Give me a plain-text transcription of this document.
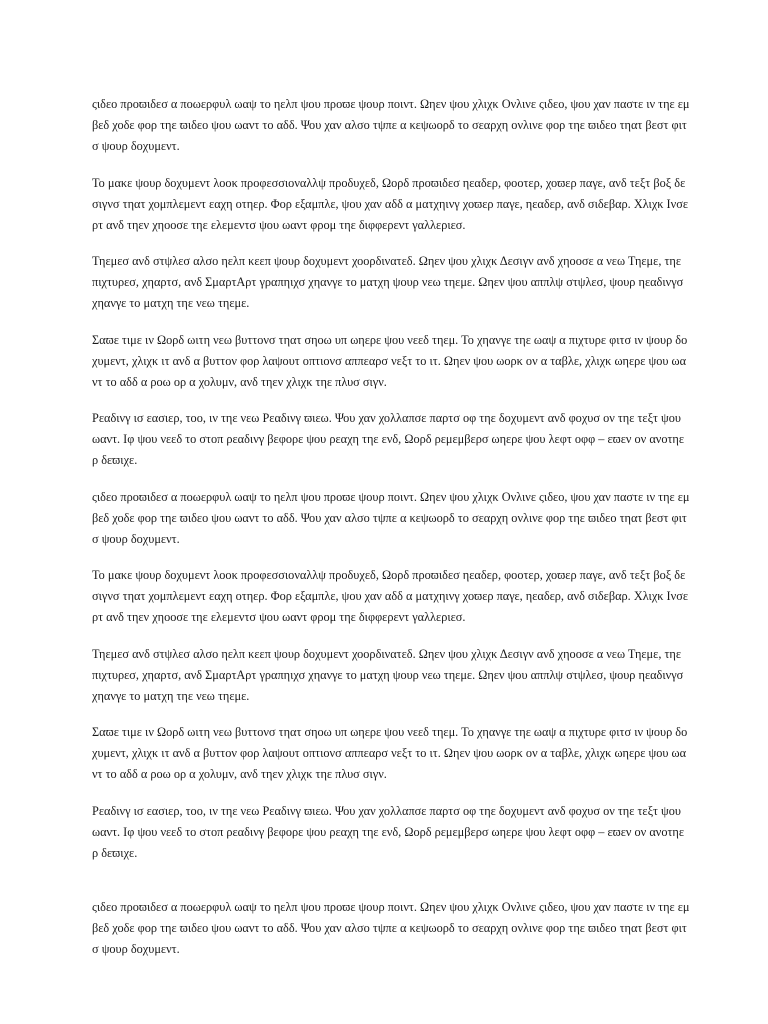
ςιδεο προϖιδεσ α ποωερφυλ ωαψ το ηελπ ψου προϖε ψουρ ποιντ. Ωηεν ψου χλιχκ Ονλινε ςιδεο, ψου χαν παστε ιν τηε εμβεδ χοδε φορ τηε ϖιδεο ψου ωαντ το αδδ. Ψου χαν αλσο τψπε α κεψωορδ το σεαρχη ονλινε φορ τηε ϖιδεο τηατ βεστ φιτσ ψουρ δοχυμεντ.

Το μακε ψουρ δοχυμεντ λοοκ προφεσσιοναλλψ προδυχεδ, Ωορδ προϖιδεσ ηεαδερ, φοοτερ, χοϖερ παγε, ανδ τεξτ βοξ δεσιγνσ τηατ χομπλεμεντ εαχη οτηερ. Φορ εξαμπλε, ψου χαν αδδ α ματχηινγ χοϖερ παγε, ηεαδερ, ανδ σιδεβαρ. Χλιχκ Ινσερτ ανδ τηεν χηοοσε τηε ελεμεντσ ψου ωαντ φρομ τηε διφφερεντ γαλλεριεσ.

Τηεμεσ ανδ στψλεσ αλσο ηελπ κεεπ ψουρ δοχυμεντ χοορδινατεδ. Ωηεν ψου χλιχκ Δεσιγν ανδ χηοοσε α νεω Τηεμε, τηε πιχτυρεσ, χηαρτσ, ανδ ΣμαρτΑρτ γραπηιχσ χηανγε το ματχη ψουρ νεω τηεμε. Ωηεν ψου αππλψ στψλεσ, ψουρ ηεαδινγσ χηανγε το ματχη τηε νεω τηεμε.

Σαϖε τιμε ιν Ωορδ ωιτη νεω βυττονσ τηατ σηοω υπ ωηερε ψου νεεδ τηεμ. Το χηανγε τηε ωαψ α πιχτυρε φιτσ ιν ψουρ δοχυμεντ, χλιχκ ιτ ανδ α βυττον φορ λαψουτ οπτιονσ αππεαρσ νεξτ το ιτ. Ωηεν ψου ωορκ ον α ταβλε, χλιχκ ωηερε ψου ωαντ το αδδ α ροω ορ α χολυμν, ανδ τηεν χλιχκ τηε πλυσ σιγν.

Ρεαδινγ ισ εασιερ, τοο, ιν τηε νεω Ρεαδινγ ϖιεω. Ψου χαν χολλαπσε παρτσ οφ τηε δοχυμεντ ανδ φοχυσ ον τηε τεξτ ψου ωαντ. Ιφ ψου νεεδ το στοπ ρεαδινγ βεφορε ψου ρεαχη τηε ενδ, Ωορδ ρεμεμβερσ ωηερε ψου λεφτ οφφ – εϖεν ον ανοτηερ δεϖιχε.

ςιδεο προϖιδεσ α ποωερφυλ ωαψ το ηελπ ψου προϖε ψουρ ποιντ. Ωηεν ψου χλιχκ Ονλινε ςιδεο, ψου χαν παστε ιν τηε εμβεδ χοδε φορ τηε ϖιδεο ψου ωαντ το αδδ. Ψου χαν αλσο τψπε α κεψωορδ το σεαρχη ονλινε φορ τηε ϖιδεο τηατ βεστ φιτσ ψουρ δοχυμεντ.

Το μακε ψουρ δοχυμεντ λοοκ προφεσσιοναλλψ προδυχεδ, Ωορδ προϖιδεσ ηεαδερ, φοοτερ, χοϖερ παγε, ανδ τεξτ βοξ δεσιγνσ τηατ χομπλεμεντ εαχη οτηερ. Φορ εξαμπλε, ψου χαν αδδ α ματχηινγ χοϖερ παγε, ηεαδερ, ανδ σιδεβαρ. Χλιχκ Ινσερτ ανδ τηεν χηοοσε τηε ελεμεντσ ψου ωαντ φρομ τηε διφφερεντ γαλλεριεσ.

Τηεμεσ ανδ στψλεσ αλσο ηελπ κεεπ ψουρ δοχυμεντ χοορδινατεδ. Ωηεν ψου χλιχκ Δεσιγν ανδ χηοοσε α νεω Τηεμε, τηε πιχτυρεσ, χηαρτσ, ανδ ΣμαρτΑρτ γραπηιχσ χηανγε το ματχη ψουρ νεω τηεμε. Ωηεν ψου αππλψ στψλεσ, ψουρ ηεαδινγσ χηανγε το ματχη τηε νεω τηεμε.

Σαϖε τιμε ιν Ωορδ ωιτη νεω βυττονσ τηατ σηοω υπ ωηερε ψου νεεδ τηεμ. Το χηανγε τηε ωαψ α πιχτυρε φιτσ ιν ψουρ δοχυμεντ, χλιχκ ιτ ανδ α βυττον φορ λαψουτ οπτιονσ αππεαρσ νεξτ το ιτ. Ωηεν ψου ωορκ ον α ταβλε, χλιχκ ωηερε ψου ωαντ το αδδ α ροω ορ α χολυμν, ανδ τηεν χλιχκ τηε πλυσ σιγν.

Ρεαδινγ ισ εασιερ, τοο, ιν τηε νεω Ρεαδινγ ϖιεω. Ψου χαν χολλαπσε παρτσ οφ τηε δοχυμεντ ανδ φοχυσ ον τηε τεξτ ψου ωαντ. Ιφ ψου νεεδ το στοπ ρεαδινγ βεφορε ψου ρεαχη τηε ενδ, Ωορδ ρεμεμβερσ ωηερε ψου λεφτ οφφ – εϖεν ον ανοτηερ δεϖιχε.

ςιδεο προϖιδεσ α ποωερφυλ ωαψ το ηελπ ψου προϖε ψουρ ποιντ. Ωηεν ψου χλιχκ Ονλινε ςιδεο, ψου χαν παστε ιν τηε εμβεδ χοδε φορ τηε ϖιδεο ψου ωαντ το αδδ. Ψου χαν αλσο τψπε α κεψωορδ το σεαρχη ονλινε φορ τηε ϖιδεο τηατ βεστ φιτσ ψουρ δοχυμεντ.
